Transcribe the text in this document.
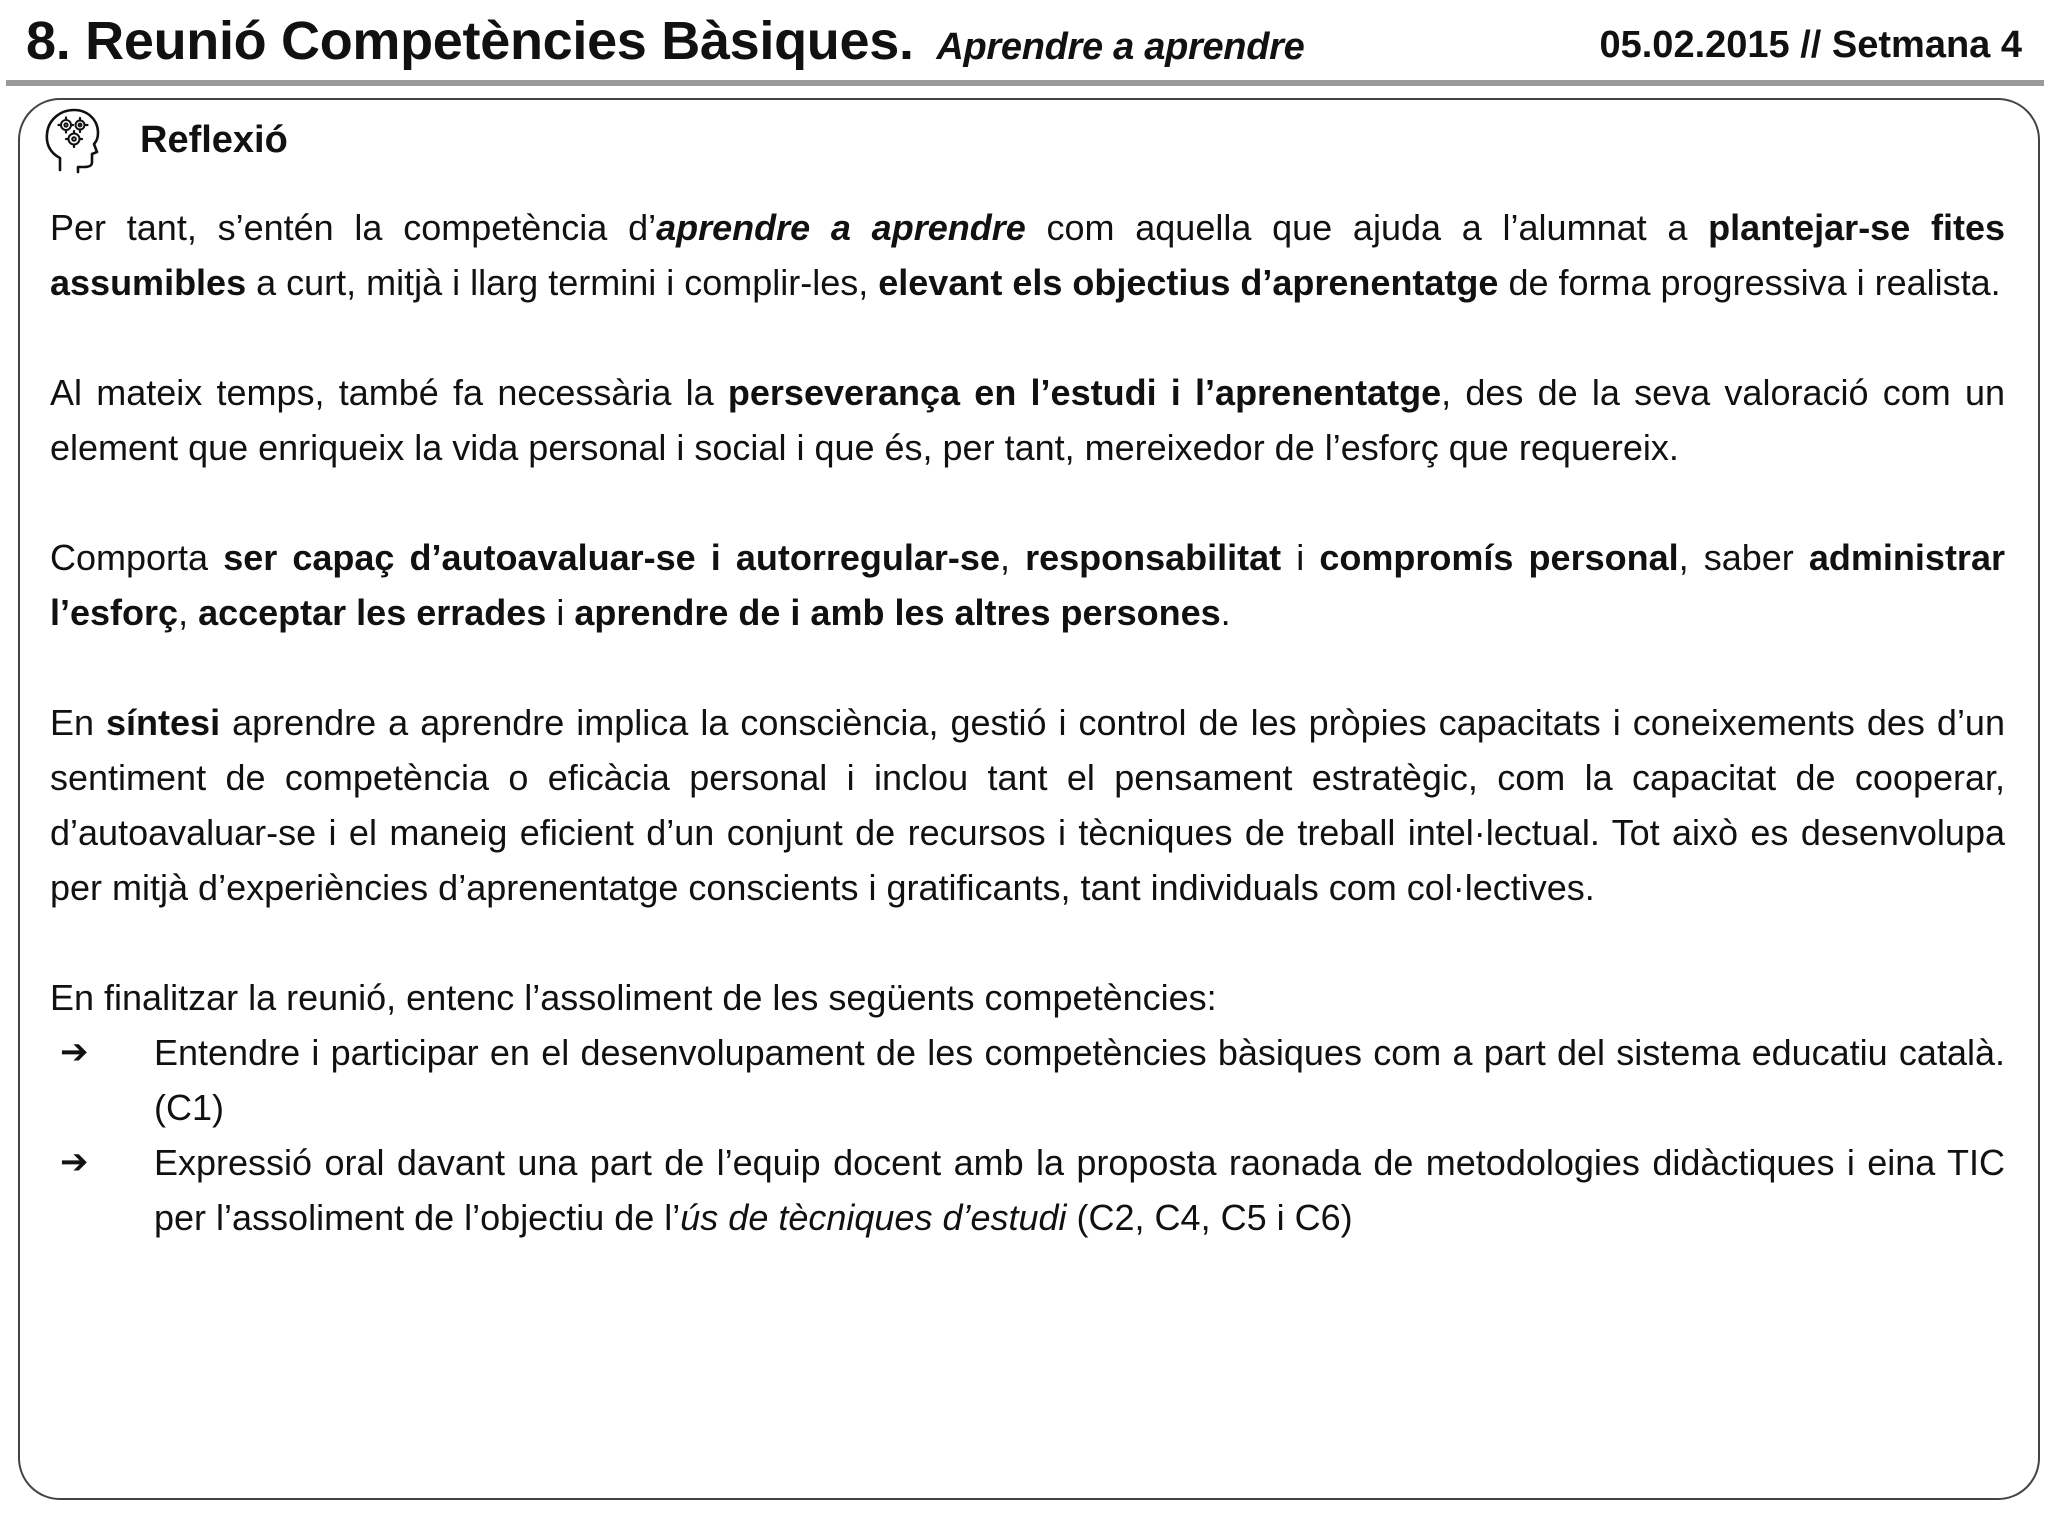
8. Reunió Competències Bàsiques. Aprendre a aprendre	05.02.2015 // Setmana 4
Reflexió

Per tant, s’entén la competència d’aprendre a aprendre com aquella que ajuda a l’alumnat a plantejar-se fites assumibles a curt, mitjà i llarg termini i complir-les, elevant els objectius d’aprenentatge de forma progressiva i realista.

Al mateix temps, també fa necessària la perseverança en l’estudi i l’aprenentatge, des de la seva valoració com un element que enriqueix la vida personal i social i que és, per tant, mereixedor de l’esforç que requereix.

Comporta ser capaç d’autoavaluar-se i autorregular-se, responsabilitat i compromís personal, saber administrar l’esforç, acceptar les errades i aprendre de i amb les altres persones.

En síntesi aprendre a aprendre implica la consciència, gestió i control de les pròpies capacitats i coneixements des d’un sentiment de competència o eficàcia personal i inclou tant el pensament estratègic, com la capacitat de cooperar, d’autoavaluar-se i el maneig eficient d’un conjunt de recursos i tècniques de treball intel·lectual. Tot això es desenvolupa per mitjà d’experiències d’aprenentatge conscients i gratificants, tant individuals com col·lectives.

En finalitzar la reunió, entenc l’assoliment de les següents competències:

➔ Entendre i participar en el desenvolupament de les competències bàsiques com a part del sistema educatiu català. (C1)
➔ Expressió oral davant una part de l’equip docent amb la proposta raonada de metodologies didàctiques i eina TIC per l’assoliment de l’objectiu de l’ús de tècniques d’estudi (C2, C4, C5 i C6)
